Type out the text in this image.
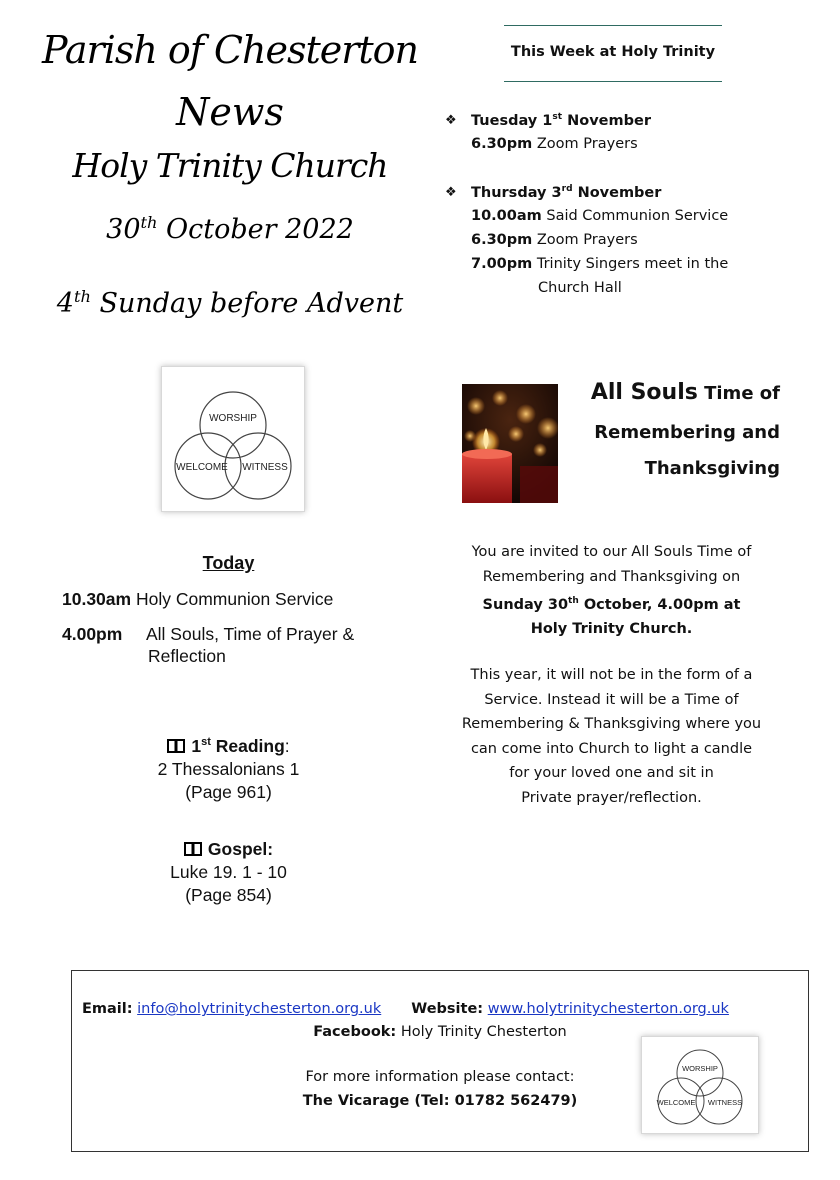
Parish of Chesterton
News
Holy Trinity Church
30th October 2022
4th Sunday before Advent
WORSHIP
WELCOME WITNESS
Today
10.30am Holy Communion Service
4.00pm All Souls, Time of Prayer &
Reflection
1st Reading:
2 Thessalonians 1
(Page 961)
Gospel:
Luke 19. 1 - 10
(Page 854)
This Week at Holy Trinity
❖ Tuesday 1st November
6.30pm Zoom Prayers
❖ Thursday 3rd November
10.00am Said Communion Service
6.30pm Zoom Prayers
7.00pm Trinity Singers meet in the
Church Hall
All Souls Time of
Remembering and
Thanksgiving
You are invited to our All Souls Time of
Remembering and Thanksgiving on
Sunday 30th October, 4.00pm at
Holy Trinity Church.
This year, it will not be in the form of a
Service. Instead it will be a Time of
Remembering & Thanksgiving where you
can come into Church to light a candle
for your loved one and sit in
Private prayer/reflection.
Email: info@holytrinitychesterton.org.uk Website: www.holytrinitychesterton.org.uk
Facebook: Holy Trinity Chesterton
For more information please contact:
The Vicarage (Tel: 01782 562479)
WORSHIP
WELCOME WITNESS
